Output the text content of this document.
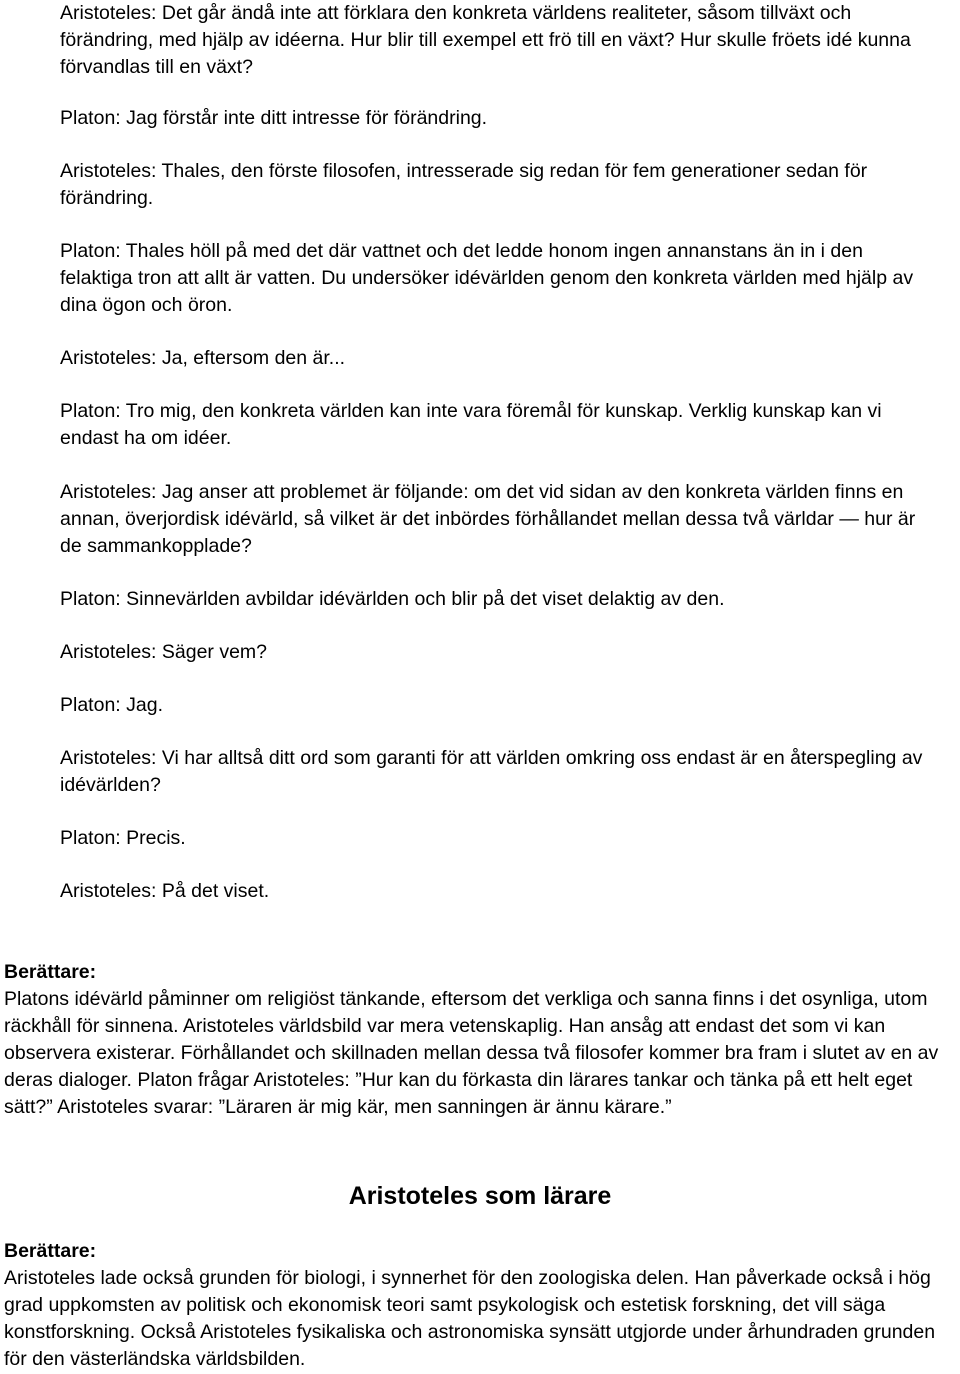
Aristoteles: Det går ändå inte att förklara den konkreta världens realiteter, såsom tillväxt och förändring, med hjälp av idéerna. Hur blir till exempel ett frö till en växt? Hur skulle fröets idé kunna förvandlas till en växt?

Platon: Jag förstår inte ditt intresse för förändring.

Aristoteles: Thales, den förste filosofen, intresserade sig redan för fem generationer sedan för förändring.

Platon: Thales höll på med det där vattnet och det ledde honom ingen annanstans än in i den felaktiga tron att allt är vatten. Du undersöker idévärlden genom den konkreta världen med hjälp av dina ögon och öron.

Aristoteles: Ja, eftersom den är...

Platon: Tro mig, den konkreta världen kan inte vara föremål för kunskap. Verklig kunskap kan vi endast ha om idéer.

Aristoteles: Jag anser att problemet är följande: om det vid sidan av den konkreta världen finns en annan, överjordisk idévärld, så vilket är det inbördes förhållandet mellan dessa två världar — hur är de sammankopplade?

Platon: Sinnevärlden avbildar idévärlden och blir på det viset delaktig av den.

Aristoteles: Säger vem?

Platon: Jag.

Aristoteles: Vi har alltså ditt ord som garanti för att världen omkring oss endast är en återspegling av idévärlden?

Platon: Precis.

Aristoteles: På det viset.

Berättare:

Platons idévärld påminner om religiöst tänkande, eftersom det verkliga och sanna finns i det osynliga, utom räckhåll för sinnena. Aristoteles världsbild var mera vetenskaplig. Han ansåg att endast det som vi kan observera existerar. Förhållandet och skillnaden mellan dessa två filosofer kommer bra fram i slutet av en av deras dialoger. Platon frågar Aristoteles: ”Hur kan du förkasta din lärares tankar och tänka på ett helt eget sätt?” Aristoteles svarar: ”Läraren är mig kär, men sanningen är ännu kärare.”

Aristoteles som lärare

Berättare:

Aristoteles lade också grunden för biologi, i synnerhet för den zoologiska delen. Han påverkade också i hög grad uppkomsten av politisk och ekonomisk teori samt psykologisk och estetisk forskning, det vill säga konstforskning. Också Aristoteles fysikaliska och astronomiska synsätt utgjorde under århundraden grunden för den västerländska världsbilden.
